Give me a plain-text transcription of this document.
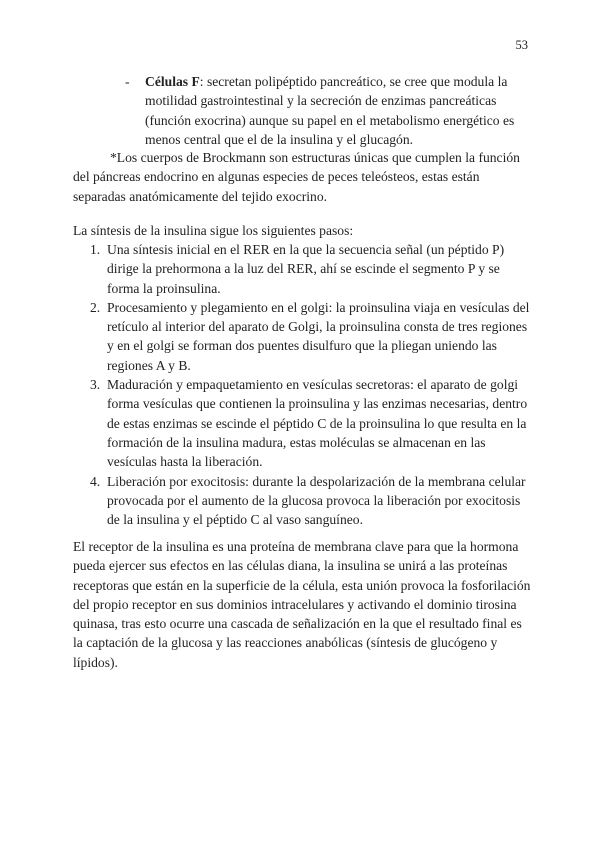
53
- Células F: secretan polipéptido pancreático, se cree que modula la motilidad gastrointestinal y la secreción de enzimas pancreáticas (función exocrina) aunque su papel en el metabolismo energético es menos central que el de la insulina y el glucagón.

*Los cuerpos de Brockmann son estructuras únicas que cumplen la función del páncreas endocrino en algunas especies de peces teleósteos, estas están separadas anatómicamente del tejido exocrino.

La síntesis de la insulina sigue los siguientes pasos:

1. Una síntesis inicial en el RER en la que la secuencia señal (un péptido P) dirige la prehormona a la luz del RER, ahí se escinde el segmento P y se forma la proinsulina.
2. Procesamiento y plegamiento en el golgi: la proinsulina viaja en vesículas del retículo al interior del aparato de Golgi, la proinsulina consta de tres regiones y en el golgi se forman dos puentes disulfuro que la pliegan uniendo las regiones A y B.
3. Maduración y empaquetamiento en vesículas secretoras: el aparato de golgi forma vesículas que contienen la proinsulina y las enzimas necesarias, dentro de estas enzimas se escinde el péptido C de la proinsulina lo que resulta en la formación de la insulina madura, estas moléculas se almacenan en las vesículas hasta la liberación.
4. Liberación por exocitosis: durante la despolarización de la membrana celular provocada por el aumento de la glucosa provoca la liberación por exocitosis de la insulina y el péptido C al vaso sanguíneo.

El receptor de la insulina es una proteína de membrana clave para que la hormona pueda ejercer sus efectos en las células diana, la insulina se unirá a las proteínas receptoras que están en la superficie de la célula, esta unión provoca la fosforilación del propio receptor en sus dominios intracelulares y activando el dominio tirosina quinasa, tras esto ocurre una cascada de señalización en la que el resultado final es la captación de la glucosa y las reacciones anabólicas (síntesis de glucógeno y lípidos).
